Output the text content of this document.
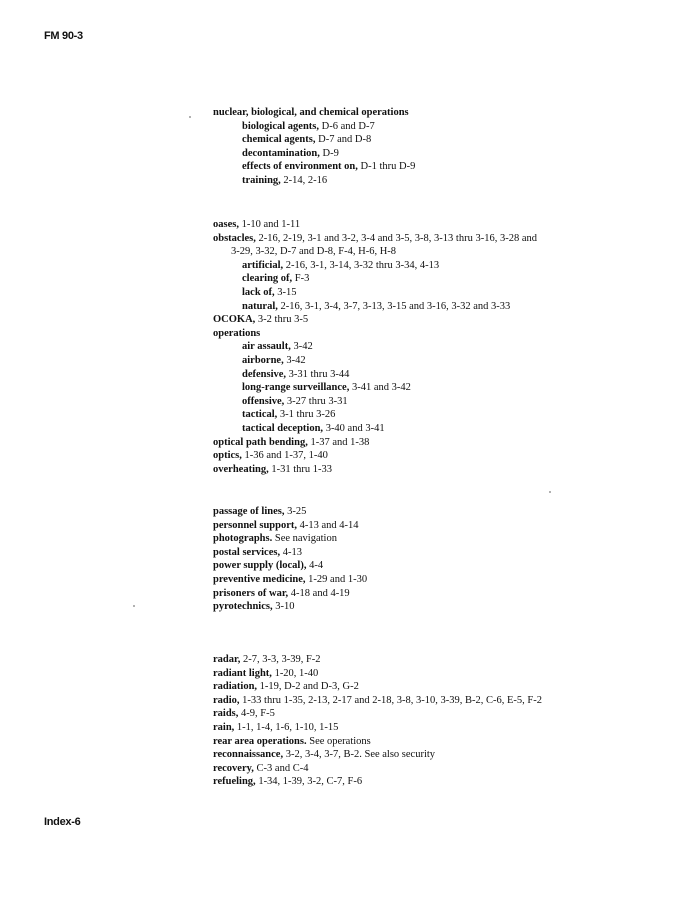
FM 90-3
nuclear, biological, and chemical operations
biological agents, D-6 and D-7
chemical agents, D-7 and D-8
decontamination, D-9
effects of environment on, D-1 thru D-9
training, 2-14, 2-16
oases, 1-10 and 1-11
obstacles, 2-16, 2-19, 3-1 and 3-2, 3-4 and 3-5, 3-8, 3-13 thru 3-16, 3-28 and
3-29, 3-32, D-7 and D-8, F-4, H-6, H-8
artificial, 2-16, 3-1, 3-14, 3-32 thru 3-34, 4-13
clearing of, F-3
lack of, 3-15
natural, 2-16, 3-1, 3-4, 3-7, 3-13, 3-15 and 3-16, 3-32 and 3-33
OCOKA, 3-2 thru 3-5
operations
air assault, 3-42
airborne, 3-42
defensive, 3-31 thru 3-44
long-range surveillance, 3-41 and 3-42
offensive, 3-27 thru 3-31
tactical, 3-1 thru 3-26
tactical deception, 3-40 and 3-41
optical path bending, 1-37 and 1-38
optics, 1-36 and 1-37, 1-40
overheating, 1-31 thru 1-33
passage of lines, 3-25
personnel support, 4-13 and 4-14
photographs. See navigation
postal services, 4-13
power supply (local), 4-4
preventive medicine, 1-29 and 1-30
prisoners of war, 4-18 and 4-19
pyrotechnics, 3-10
radar, 2-7, 3-3, 3-39, F-2
radiant light, 1-20, 1-40
radiation, 1-19, D-2 and D-3, G-2
radio, 1-33 thru 1-35, 2-13, 2-17 and 2-18, 3-8, 3-10, 3-39, B-2, C-6, E-5, F-2
raids, 4-9, F-5
rain, 1-1, 1-4, 1-6, 1-10, 1-15
rear area operations. See operations
reconnaissance, 3-2, 3-4, 3-7, B-2. See also security
recovery, C-3 and C-4
refueling, 1-34, 1-39, 3-2, C-7, F-6
Index-6
